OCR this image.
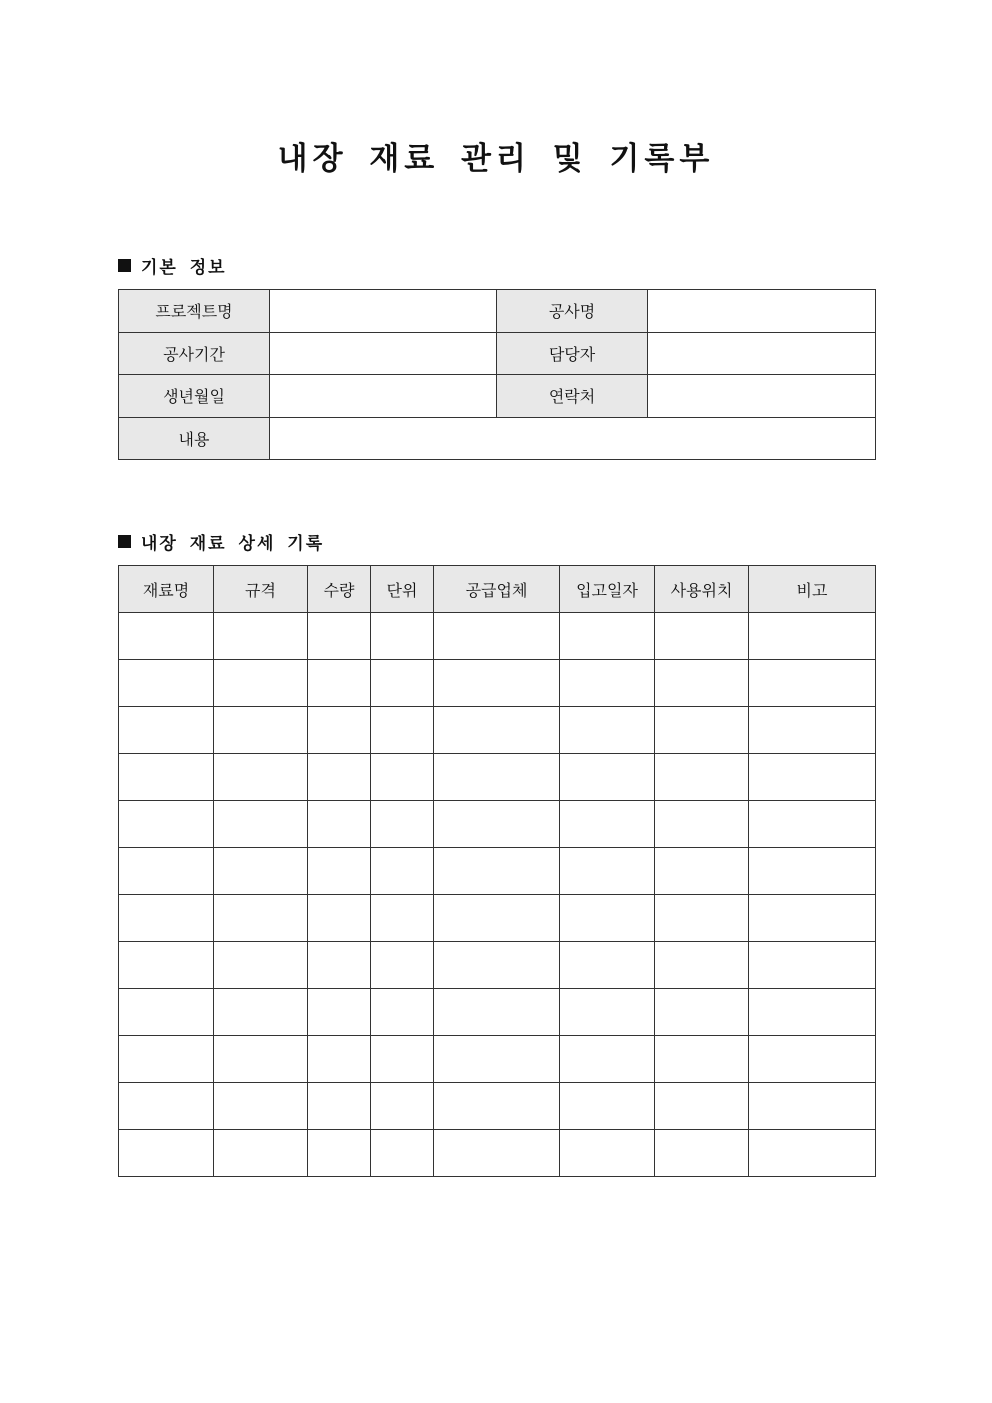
내장 재료 관리 및 기록부
기본 정보
프로젝트명		공사명	
공사기간		담당자	
생년월일		연락처	
내용			
내장 재료 상세 기록
재료명	규격	수량	단위	공급업체	입고일자	사용위치	비고
